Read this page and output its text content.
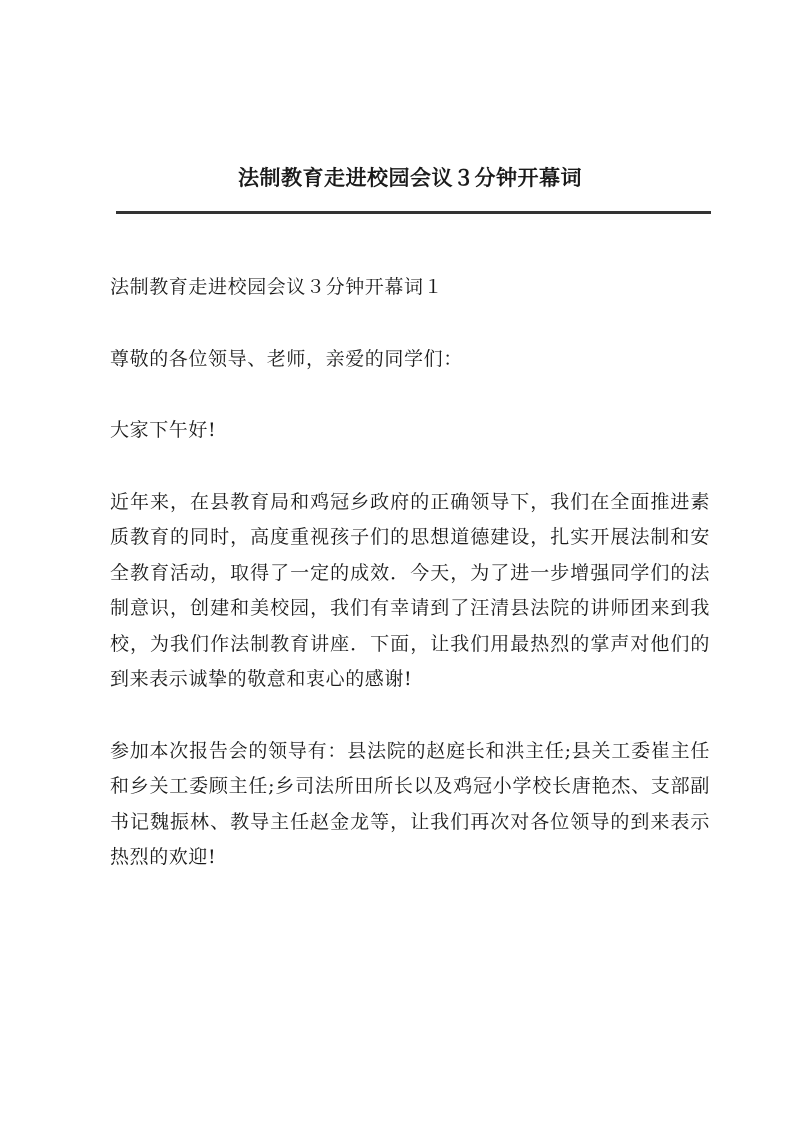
法制教育走进校园会议３分钟开幕词

法制教育走进校园会议３分钟开幕词１

尊敬的各位领导、老师，亲爱的同学们：

大家下午好!

近年来，在县教育局和鸡冠乡政府的正确领导下，我们在全面推进素质教育的同时，高度重视孩子们的思想道德建设，扎实开展法制和安全教育活动，取得了一定的成效．今天，为了进一步增强同学们的法制意识，创建和美校园，我们有幸请到了汪清县法院的讲师团来到我校，为我们作法制教育讲座．下面，让我们用最热烈的掌声对他们的到来表示诚挚的敬意和衷心的感谢!

参加本次报告会的领导有：县法院的赵庭长和洪主任;县关工委崔主任和乡关工委顾主任;乡司法所田所长以及鸡冠小学校长唐艳杰、支部副书记魏振林、教导主任赵金龙等，让我们再次对各位领导的到来表示热烈的欢迎!
